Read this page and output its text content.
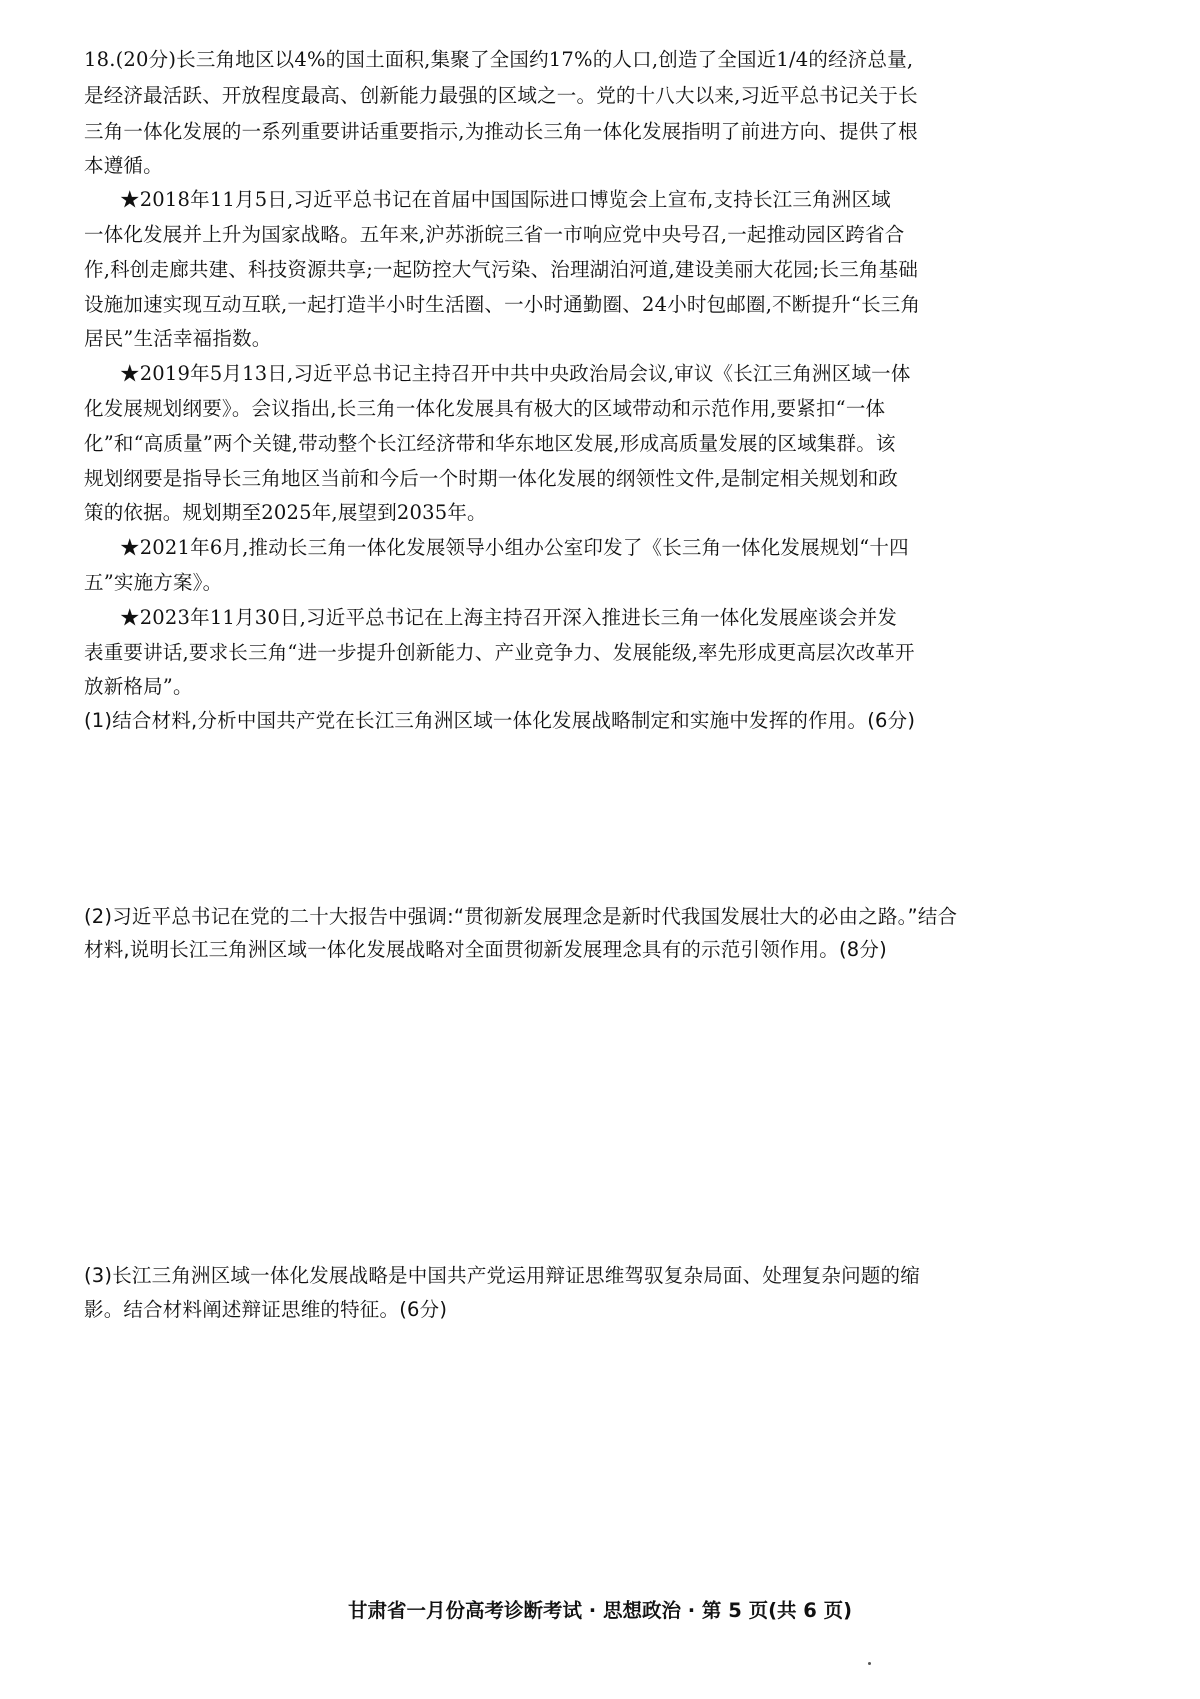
18.(20分)长三角地区以4%的国土面积,集聚了全国约17%的人口,创造了全国近1/4的经济总量,
是经济最活跃、开放程度最高、创新能力最强的区域之一。党的十八大以来,习近平总书记关于长
三角一体化发展的一系列重要讲话重要指示,为推动长三角一体化发展指明了前进方向、提供了根
本遵循。
★2018年11月5日,习近平总书记在首届中国国际进口博览会上宣布,支持长江三角洲区域
一体化发展并上升为国家战略。五年来,沪苏浙皖三省一市响应党中央号召,一起推动园区跨省合
作,科创走廊共建、科技资源共享;一起防控大气污染、治理湖泊河道,建设美丽大花园;长三角基础
设施加速实现互动互联,一起打造半小时生活圈、一小时通勤圈、24小时包邮圈,不断提升“长三角
居民”生活幸福指数。
★2019年5月13日,习近平总书记主持召开中共中央政治局会议,审议《长江三角洲区域一体
化发展规划纲要》。会议指出,长三角一体化发展具有极大的区域带动和示范作用,要紧扣“一体
化”和“高质量”两个关键,带动整个长江经济带和华东地区发展,形成高质量发展的区域集群。该
规划纲要是指导长三角地区当前和今后一个时期一体化发展的纲领性文件,是制定相关规划和政
策的依据。规划期至2025年,展望到2035年。
★2021年6月,推动长三角一体化发展领导小组办公室印发了《长三角一体化发展规划“十四
五”实施方案》。
★2023年11月30日,习近平总书记在上海主持召开深入推进长三角一体化发展座谈会并发
表重要讲话,要求长三角“进一步提升创新能力、产业竞争力、发展能级,率先形成更高层次改革开
放新格局”。
(1)结合材料,分析中国共产党在长江三角洲区域一体化发展战略制定和实施中发挥的作用。(6分)
(2)习近平总书记在党的二十大报告中强调:“贯彻新发展理念是新时代我国发展壮大的必由之路。”结合
材料,说明长江三角洲区域一体化发展战略对全面贯彻新发展理念具有的示范引领作用。(8分)
(3)长江三角洲区域一体化发展战略是中国共产党运用辩证思维驾驭复杂局面、处理复杂问题的缩
影。结合材料阐述辩证思维的特征。(6分)
甘肃省一月份高考诊断考试 · 思想政治 · 第 5 页(共 6 页)
